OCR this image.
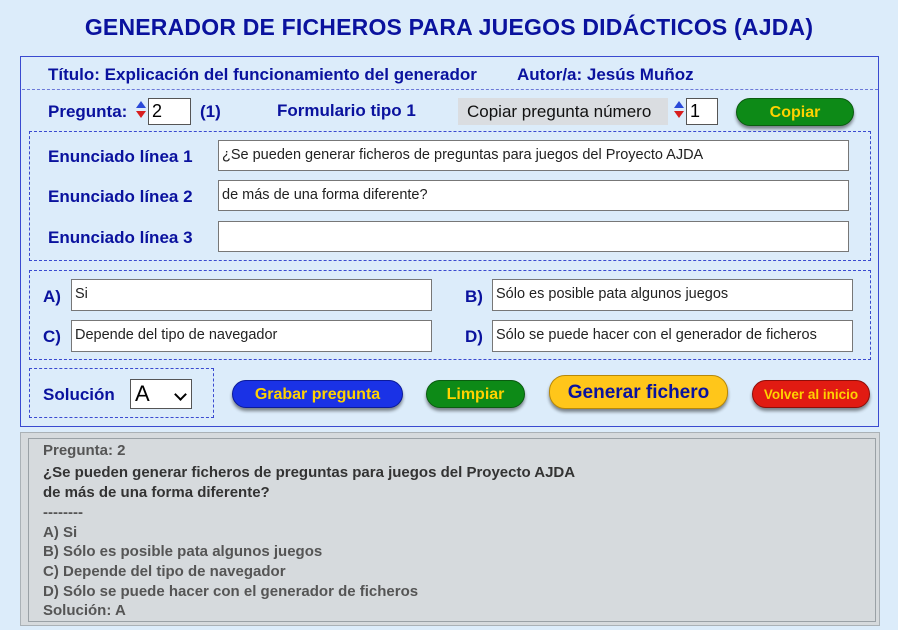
GENERADOR DE FICHEROS PARA JUEGOS DIDÁCTICOS (AJDA)
Título: Explicación del funcionamiento del generador Autor/a: Jesús Muñoz
Pregunta: 2	(1)	Formulario tipo 1	Copiar pregunta número	1	Copiar
Enunciado línea 1 ¿Se pueden generar ficheros de preguntas para juegos del Proyecto AJDA
Enunciado línea 2 de más de una forma diferente?
Enunciado línea 3
A) Si	B) Sólo es posible pata algunos juegos
C) Depende del tipo de navegador	D) Sólo se puede hacer con el generador de ficheros
Solución A	Grabar pregunta	Limpiar	Generar fichero	Volver al inicio
Pregunta: 2
¿Se pueden generar ficheros de preguntas para juegos del Proyecto AJDA
de más de una forma diferente?
--------
A) Si
B) Sólo es posible pata algunos juegos
C) Depende del tipo de navegador
D) Sólo se puede hacer con el generador de ficheros
Solución: A
